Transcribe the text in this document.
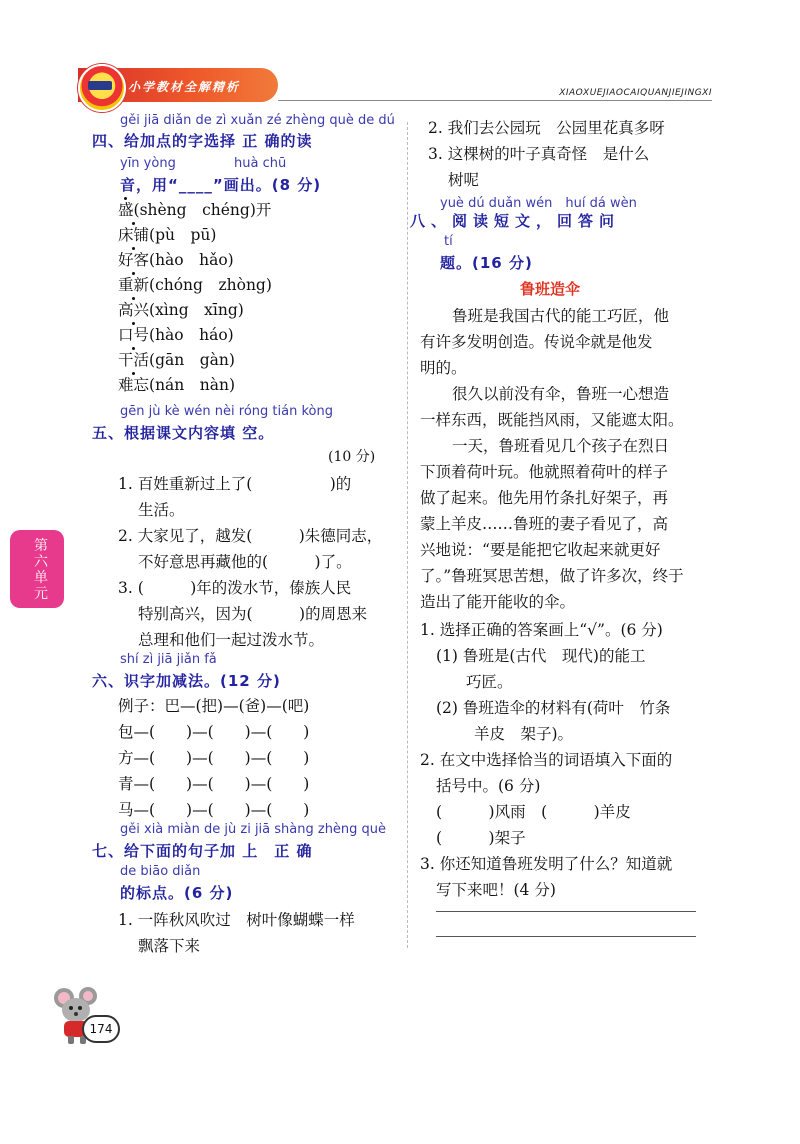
小学教材全解精析	XIAOXUEJIAOCAIQUANJIEJINGXI
第六单元
gěi jiā diǎn de zì xuǎn zé zhèng què de dú
四、给加点的字选择 正 确的读
yīn yòng	huà chū
音，用“____”画出。(8 分)
盛(shèng　chéng)开
床铺(pù　pū)
好客(hào　hǎo)
重新(chóng　zhòng)
高兴(xìng　xīng)
口号(hào　háo)
干活(gān　gàn)
难忘(nán　nàn)
gēn jù kè wén nèi róng tián kòng
五、根据课文内容填 空。
(10 分)
1. 百姓重新过上了(　　　　　)的
生活。
2. 大家见了，越发(　　　)朱德同志，
不好意思再藏他的(　　　)了。
3. (　　　)年的泼水节，傣族人民
特别高兴，因为(　　　)的周恩来
总理和他们一起过泼水节。
shí zì jiā jiǎn fǎ
六、识字加减法。(12 分)
例子：巴—(把)—(爸)—(吧)
包—(　　)—(　　)—(　　)
方—(　　)—(　　)—(　　)
青—(　　)—(　　)—(　　)
马—(　　)—(　　)—(　　)
gěi xià miàn de jù zi jiā shàng zhèng què
七、给下面的句子加 上　正 确
de biāo diǎn
的标点。(6 分)
1. 一阵秋风吹过　树叶像蝴蝶一样
飘落下来
2. 我们去公园玩　公园里花真多呀
3. 这棵树的叶子真奇怪　是什么
树呢
yuè dú duǎn wén　huí dá wèn
八、阅读短文，回答问
tí
题。(16 分)
鲁班造伞
鲁班是我国古代的能工巧匠，他
有许多发明创造。传说伞就是他发
明的。
很久以前没有伞，鲁班一心想造
一样东西，既能挡风雨，又能遮太阳。
一天，鲁班看见几个孩子在烈日
下顶着荷叶玩。他就照着荷叶的样子
做了起来。他先用竹条扎好架子，再
蒙上羊皮……鲁班的妻子看见了，高
兴地说：“要是能把它收起来就更好
了。”鲁班冥思苦想，做了许多次，终于
造出了能开能收的伞。
1. 选择正确的答案画上“√”。(6 分)
(1) 鲁班是(古代　现代)的能工
巧匠。
(2) 鲁班造伞的材料有(荷叶　竹条
羊皮　架子)。
2. 在文中选择恰当的词语填入下面的
括号中。(6 分)
(　　　)风雨　(　　　)羊皮
(　　　)架子
3. 你还知道鲁班发明了什么？知道就
写下来吧！(4 分)
174
